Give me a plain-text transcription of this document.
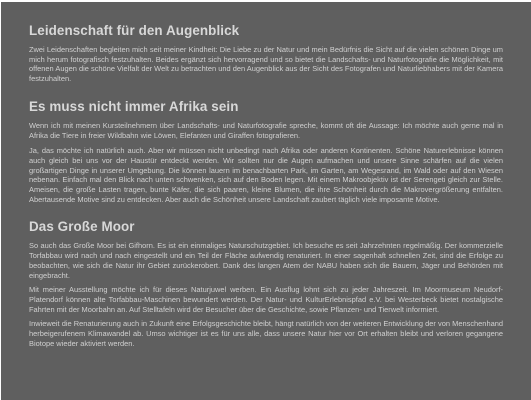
Leidenschaft für den Augenblick

Zwei Leidenschaften begleiten mich seit meiner Kindheit: Die Liebe zu der Natur und mein Bedürfnis die Sicht auf die vielen schönen Dinge um mich herum fotografisch festzuhalten. Beides ergänzt sich hervorragend und so bietet die Landschafts- und Naturfotografie die Möglichkeit, mit offenen Augen die schöne Vielfalt der Welt zu betrachten und den Augenblick aus der Sicht des Fotografen und Naturliebhabers mit der Kamera festzuhalten.

Es muss nicht immer Afrika sein

Wenn ich mit meinen Kursteilnehmern über Landschafts- und Naturfotografie spreche, kommt oft die Aussage: Ich möchte auch gerne mal in Afrika die Tiere in freier Wildbahn wie Löwen, Elefanten und Giraffen fotografieren.

Ja, das möchte ich natürlich auch. Aber wir müssen nicht unbedingt nach Afrika oder anderen Kontinenten. Schöne Naturerlebnisse können auch gleich bei uns vor der Haustür entdeckt werden. Wir sollten nur die Augen aufmachen und unsere Sinne schärfen auf die vielen großartigen Dinge in unserer Umgebung. Die können lauern im benachbarten Park, im Garten, am Wegesrand, im Wald oder auf den Wiesen nebenan. Einfach mal den Blick nach unten schwenken, sich auf den Boden legen. Mit einem Makroobjektiv ist der Serengeti gleich zur Stelle. Ameisen, die große Lasten tragen, bunte Käfer, die sich paaren, kleine Blumen, die ihre Schönheit durch die Makrovergrößerung entfalten. Abertausende Motive sind zu entdecken. Aber auch die Schönheit unsere Landschaft zaubert täglich viele imposante Motive.

Das Große Moor

So auch das Große Moor bei Gifhorn. Es ist ein einmaliges Naturschutzgebiet. Ich besuche es seit Jahrzehnten regelmäßig. Der kommerzielle Torfabbau wird nach und nach eingestellt und ein Teil der Fläche aufwendig renaturiert. In einer sagenhaft schnellen Zeit, sind die Erfolge zu beobachten, wie sich die Natur ihr Gebiet zurückerobert. Dank des langen Atem der NABU haben sich die Bauern, Jäger und Behörden mit eingebracht.

Mit meiner Ausstellung möchte ich für dieses Naturjuwel werben. Ein Ausflug lohnt sich zu jeder Jahreszeit. Im Moormuseum Neudorf-Platendorf können alte Torfabbau-Maschinen bewundert werden. Der Natur- und KulturErlebnispfad e.V. bei Westerbeck bietet nostalgische Fahrten mit der Moorbahn an. Auf Stelltafeln wird der Besucher über die Geschichte, sowie Pflanzen- und Tierwelt informiert.

Inwieweit die Renaturierung auch in Zukunft eine Erfolgsgeschichte bleibt, hängt natürlich von der weiteren Entwicklung der von Menschenhand herbeigerufenem Klimawandel ab. Umso wichtiger ist es für uns alle, dass unsere Natur hier vor Ort erhalten bleibt und verloren gegangene Biotope wieder aktiviert werden.
